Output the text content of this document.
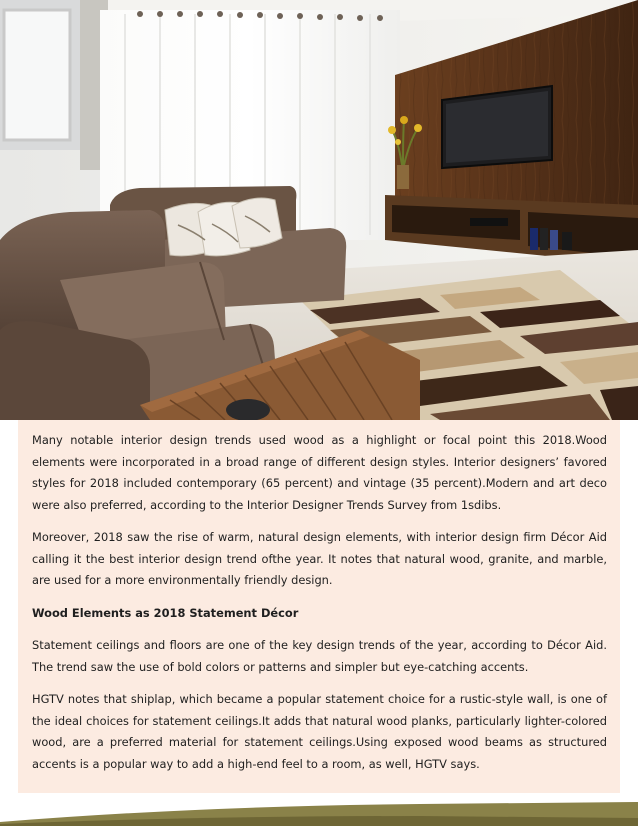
Many notable interior design trends used wood as a highlight or focal point this 2018.Wood elements were incorporated in a broad range of different design styles. Interior designers’ favored styles for 2018 included contemporary (65 percent) and vintage (35 percent).Modern and art deco were also preferred, according to the Interior Designer Trends Survey from 1sdibs.

Moreover, 2018 saw the rise of warm, natural design elements, with interior design firm Décor Aid calling it the best interior design trend ofthe year. It notes that natural wood, granite, and marble, are used for a more environmentally friendly design.

Wood Elements as 2018 Statement Décor

Statement ceilings and floors are one of the key design trends of the year, according to Décor Aid. The trend saw the use of bold colors or patterns and simpler but eye-catching accents.

HGTV notes that shiplap, which became a popular statement choice for a rustic-style wall, is one of the ideal choices for statement ceilings.It adds that natural wood planks, particularly lighter-colored wood, are a preferred material for statement ceilings.Using exposed wood beams as structured accents is a popular way to add a high-end feel to a room, as well, HGTV says.
